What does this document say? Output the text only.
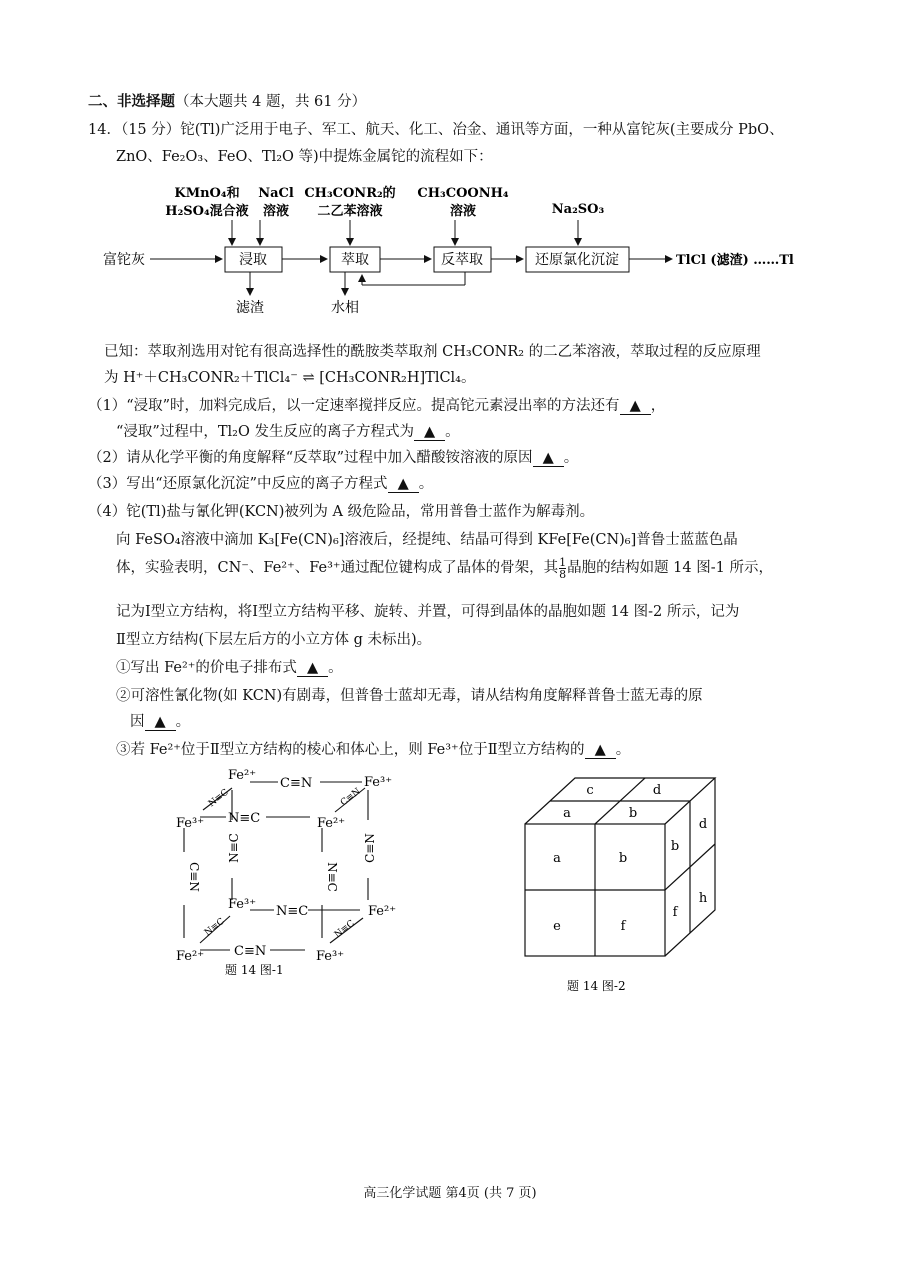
二、非选择题（本大题共 4 题，共 61 分）
14．（15 分）铊(Tl)广泛用于电子、军工、航天、化工、冶金、通讯等方面，一种从富铊灰(主要成分 PbO、
ZnO、Fe₂O₃、FeO、Tl₂O 等)中提炼金属铊的流程如下：
KMnO₄和
H₂SO₄混合液
NaCl
溶液
CH₃CONR₂的
二乙苯溶液
CH₃COONH₄
溶液	Na₂SO₃
富铊灰	浸取	萃取	反萃取	还原氯化沉淀
滤渣	水相
TlCl (滤渣) ……Tl
已知：萃取剂选用对铊有很高选择性的酰胺类萃取剂 CH₃CONR₂ 的二乙苯溶液，萃取过程的反应原理
为 H⁺＋CH₃CONR₂＋TlCl₄⁻ ⇌ [CH₃CONR₂H]TlCl₄。
（1）“浸取”时，加料完成后，以一定速率搅拌反应。提高铊元素浸出率的方法还有 ▲ ，
“浸取”过程中，Tl₂O 发生反应的离子方程式为 ▲ 。
（2）请从化学平衡的角度解释“反萃取”过程中加入醋酸铵溶液的原因 ▲ 。
（3）写出“还原氯化沉淀”中反应的离子方程式 ▲ 。
（4）铊(Tl)盐与氰化钾(KCN)被列为 A 级危险品，常用普鲁士蓝作为解毒剂。
向 FeSO₄溶液中滴加 K₃[Fe(CN)₆]溶液后，经提纯、结晶可得到 KFe[Fe(CN)₆]普鲁士蓝蓝色晶
体，实验表明，CN⁻、Fe²⁺、Fe³⁺通过配位键构成了晶体的骨架，其 $\frac{1}{8}$ 晶胞的结构如题 14 图-1 所示，
记为Ⅰ型立方结构，将Ⅰ型立方结构平移、旋转、并置，可得到晶体的晶胞如题 14 图-2 所示，记为
Ⅱ型立方结构(下层左后方的小立方体 g 未标出)。
①写出 Fe²⁺的价电子排布式 ▲ 。
②可溶性氰化物(如 KCN)有剧毒，但普鲁士蓝却无毒，请从结构角度解释普鲁士蓝无毒的原
因 ▲ 。
③若 Fe²⁺位于Ⅱ型立方结构的棱心和体心上，则 Fe³⁺位于Ⅱ型立方结构的 ▲ 。
Fe²⁺	Fe³⁺
C≡N
Fe³⁺ N≡C	Fe²⁺
Fe³⁺ N≡C	Fe²⁺
Fe²⁺ C≡N	Fe³⁺
C≡N
N≡C
N≡C
C≡N
N≡C	C≡N
N≡C	N≡C
题 14 图-1
c	d
a	b
d
a	b
b
e	f
f
h
题 14 图-2
高三化学试题 第4页 (共 7 页)
